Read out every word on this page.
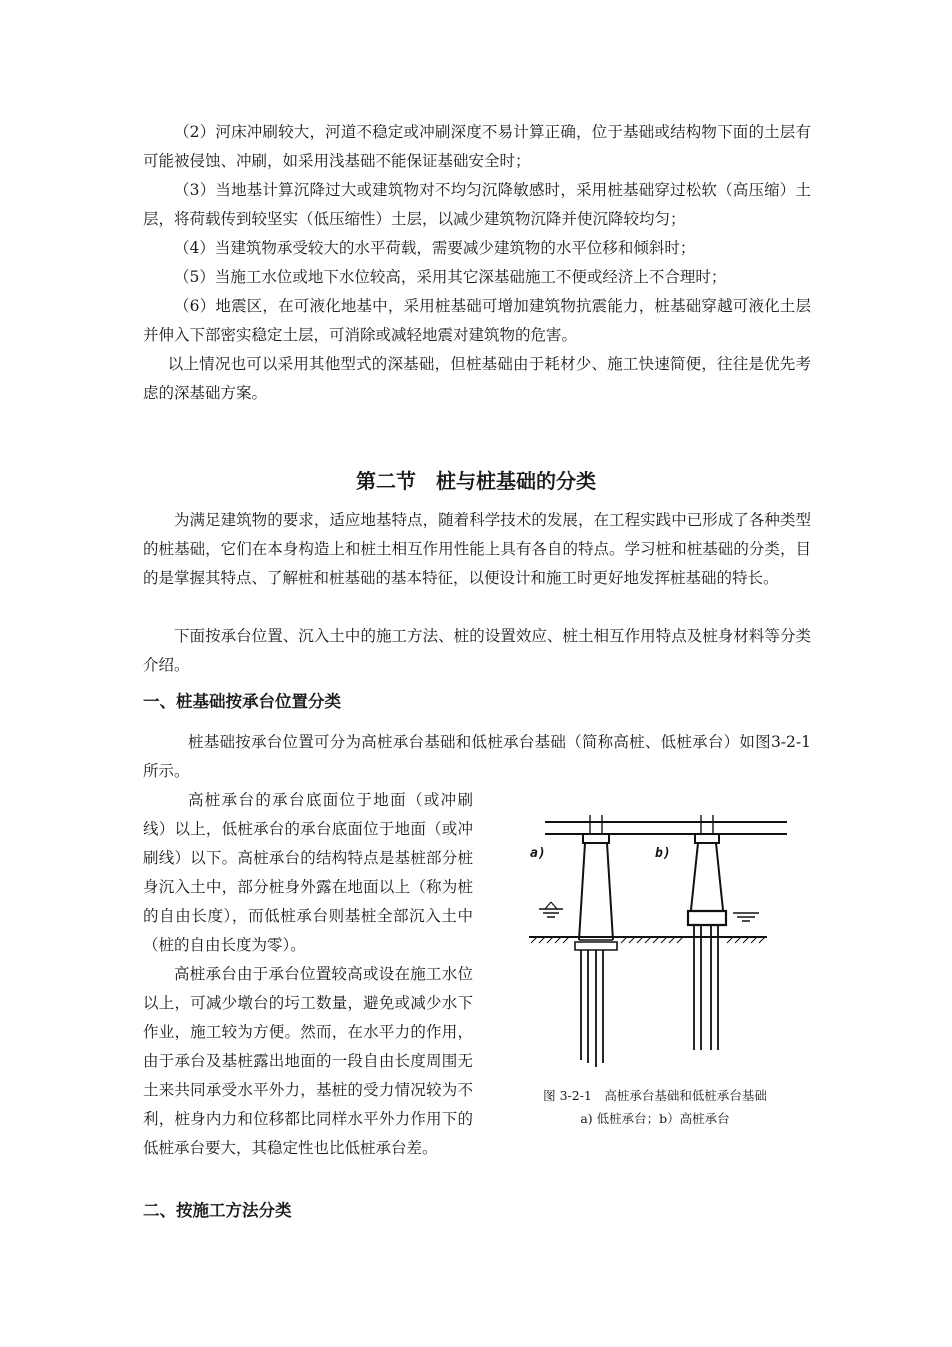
（2）河床冲刷较大，河道不稳定或冲刷深度不易计算正确，位于基础或结构物下面的土层有可能被侵蚀、冲刷，如采用浅基础不能保证基础安全时；

（3）当地基计算沉降过大或建筑物对不均匀沉降敏感时，采用桩基础穿过松软（高压缩）土层，将荷载传到较坚实（低压缩性）土层，以减少建筑物沉降并使沉降较均匀；

（4）当建筑物承受较大的水平荷载，需要减少建筑物的水平位移和倾斜时；

（5）当施工水位或地下水位较高，采用其它深基础施工不便或经济上不合理时；

（6）地震区，在可液化地基中，采用桩基础可增加建筑物抗震能力，桩基础穿越可液化土层并伸入下部密实稳定土层，可消除或减轻地震对建筑物的危害。

以上情况也可以采用其他型式的深基础，但桩基础由于耗材少、施工快速简便，往往是优先考虑的深基础方案。

第二节　桩与桩基础的分类

为满足建筑物的要求，适应地基特点，随着科学技术的发展，在工程实践中已形成了各种类型的桩基础，它们在本身构造上和桩土相互作用性能上具有各自的特点。学习桩和桩基础的分类，目的是掌握其特点、了解桩和桩基础的基本特征，以便设计和施工时更好地发挥桩基础的特长。

下面按承台位置、沉入土中的施工方法、桩的设置效应、桩土相互作用特点及桩身材料等分类介绍。

一、桩基础按承台位置分类

桩基础按承台位置可分为高桩承台基础和低桩承台基础（简称高桩、低桩承台）如图3-2-1所示。

高桩承台的承台底面位于地面（或冲刷线）以上，低桩承台的承台底面位于地面（或冲刷线）以下。高桩承台的结构特点是基桩部分桩身沉入土中，部分桩身外露在地面以上（称为桩的自由长度），而低桩承台则基桩全部沉入土中（桩的自由长度为零）。

高桩承台由于承台位置较高或设在施工水位以上，可减少墩台的圬工数量，避免或减少水下作业，施工较为方便。然而，在水平力的作用，由于承台及基桩露出地面的一段自由长度周围无土来共同承受水平外力，基桩的受力情况较为不利，桩身内力和位移都比同样水平外力作用下的低桩承台要大，其稳定性也比低桩承台差。

二、按施工方法分类
a)	b)

图 3-2-1　高桩承台基础和低桩承台基础

a) 低桩承台；b）高桩承台
